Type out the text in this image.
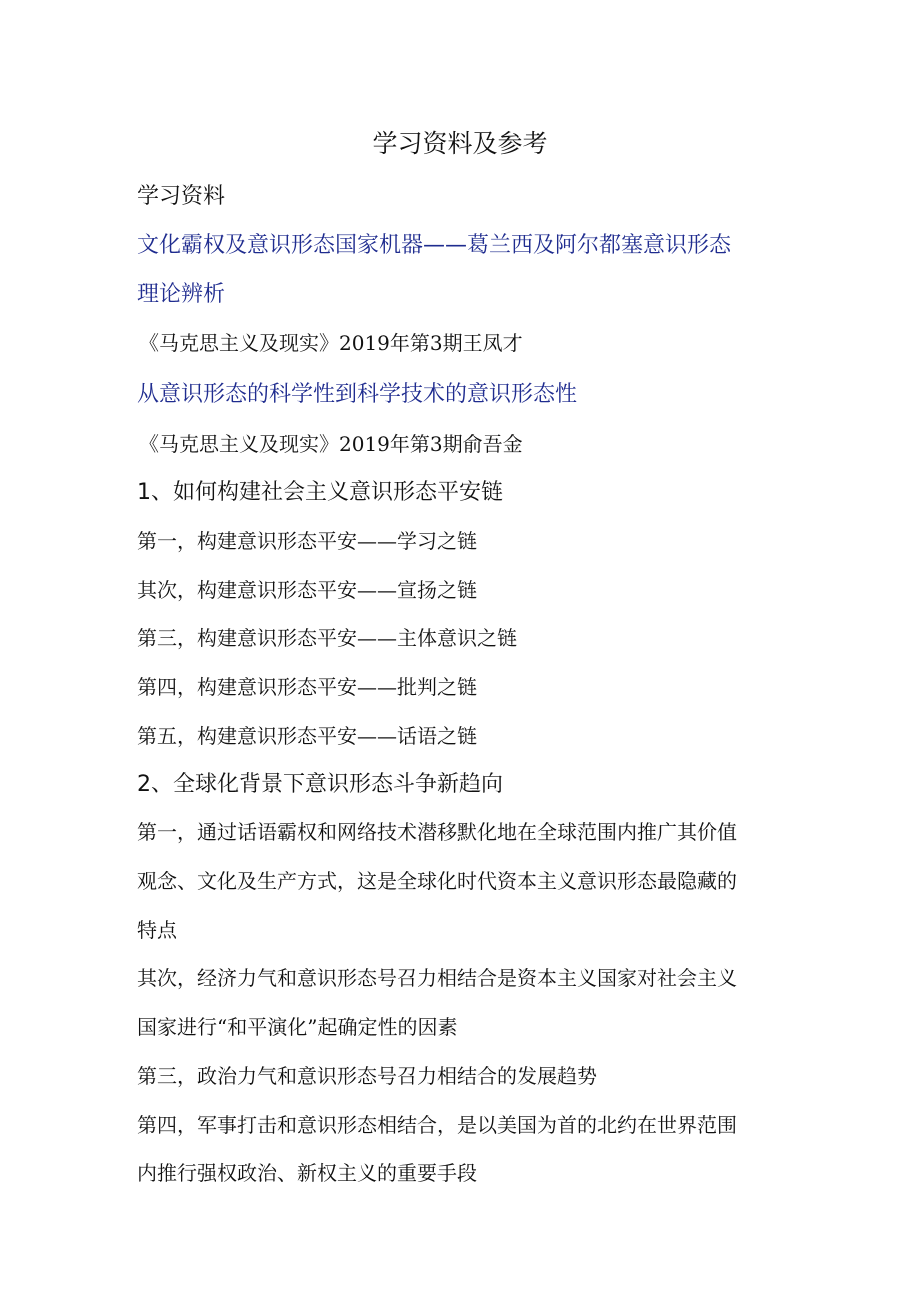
学习资料及参考
学习资料
文化霸权及意识形态国家机器——葛兰西及阿尔都塞意识形态
理论辨析
《马克思主义及现实》2019年第3期王凤才
从意识形态的科学性到科学技术的意识形态性
《马克思主义及现实》2019年第3期俞吾金
1、如何构建社会主义意识形态平安链
第一，构建意识形态平安——学习之链
其次，构建意识形态平安——宣扬之链
第三，构建意识形态平安——主体意识之链
第四，构建意识形态平安——批判之链
第五，构建意识形态平安——话语之链
2、全球化背景下意识形态斗争新趋向
第一，通过话语霸权和网络技术潜移默化地在全球范围内推广其价值
观念、文化及生产方式，这是全球化时代资本主义意识形态最隐藏的
特点
其次，经济力气和意识形态号召力相结合是资本主义国家对社会主义
国家进行“和平演化”起确定性的因素
第三，政治力气和意识形态号召力相结合的发展趋势
第四，军事打击和意识形态相结合，是以美国为首的北约在世界范围
内推行强权政治、新权主义的重要手段
